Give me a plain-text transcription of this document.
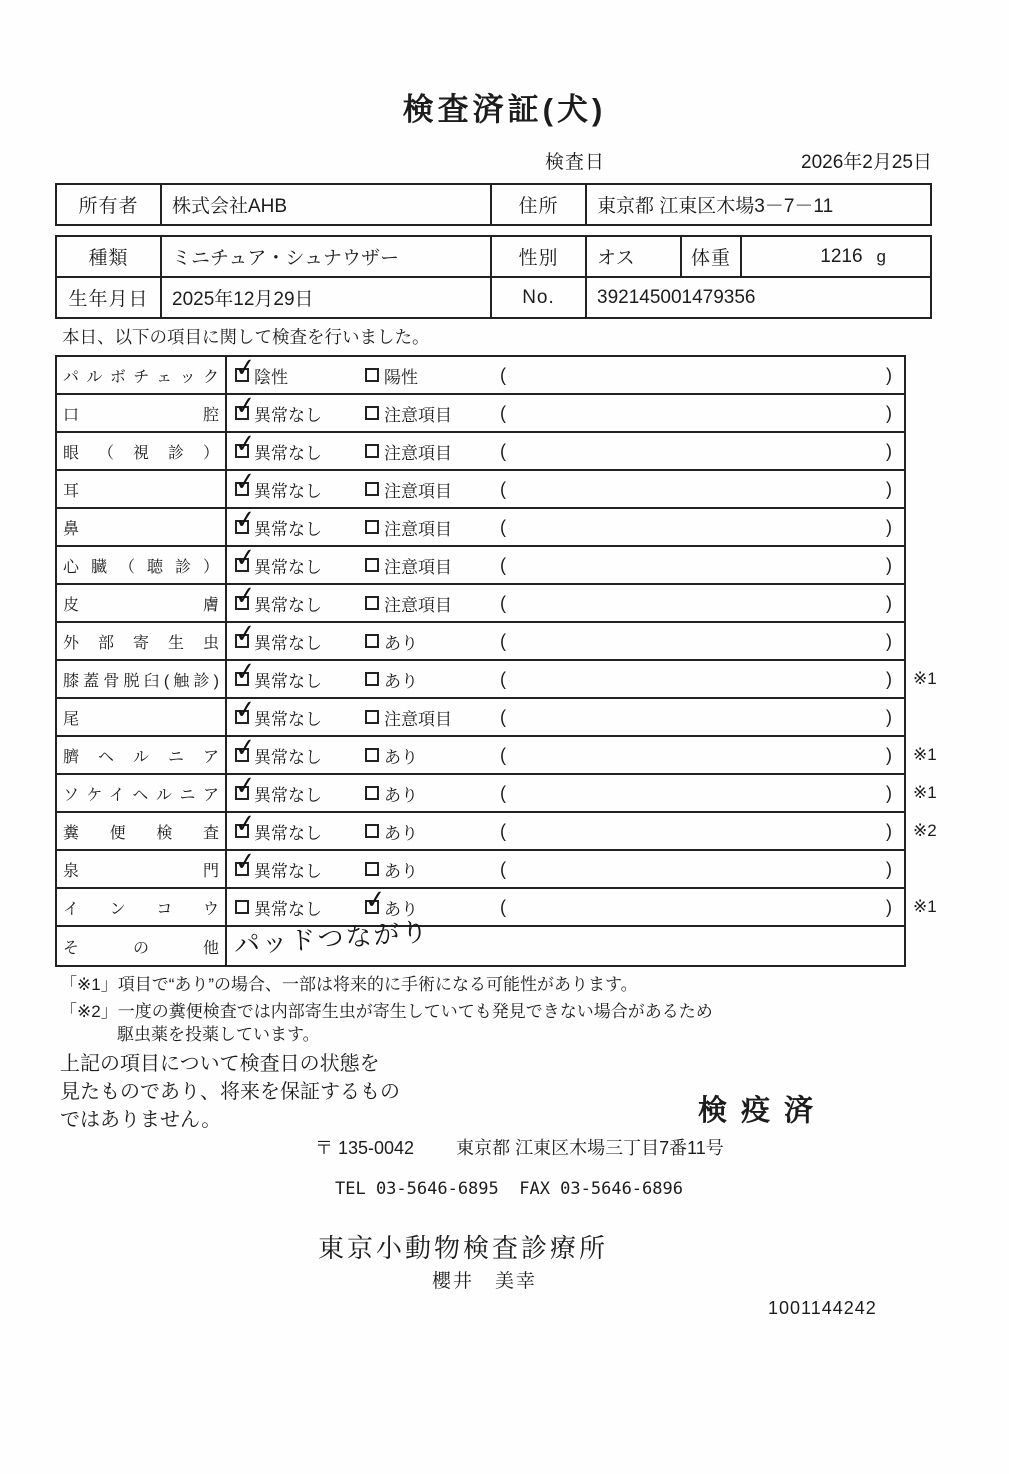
検査済証(犬)
検査日	2026年2月25日
所有者	株式会社AHB	住所	東京都 江東区木場3－7－11
種類	ミニチュア・シュナウザー	性別	オス	体重	1216 g
生年月日	2025年12月29日	No.	392145001479356		
本日、以下の項目に関して検査を行いました。
パルボチェック ✓ 陰性	陽性	(	)
口腔 ✓ 異常なし	注意項目	(	)
眼（視診） ✓ 異常なし	注意項目	(	)
耳 ✓	異常なし	注意項目	(	)
鼻 ✓	異常なし	注意項目	(	)
心臓（聴診） ✓ 異常なし	注意項目	(	)
皮膚 ✓ 異常なし	注意項目	(	)
外部寄生虫 ✓ 異常なし	あり	(	)
膝蓋骨脱臼(触診) ✓ 異常なし	あり	(	) ※1
尾 ✓	異常なし	注意項目	(	)
臍ヘルニア ✓ 異常なし	あり	(	) ※1
ソケイヘルニア ✓ 異常なし	あり	(	) ※1
糞便検査 ✓ 異常なし	あり	(	) ※2
泉門 ✓ 異常なし	あり	(	)
インコウ 異常なし ✓	あり	(	) ※1
その他 パッドつながり
「※1」項目で“あり”の場合、一部は将来的に手術になる可能性があります。
「※2」一度の糞便検査では内部寄生虫が寄生していても発見できない場合があるため
駆虫薬を投薬しています。
上記の項目について検査日の状態を
見たものであり、将来を保証するもの
ではありません。	検疫済
〒 135-0042 東京都 江東区木場三丁目7番11号
TEL 03-5646-6895  FAX 03-5646-6896
東京小動物検査診療所
櫻井　美幸
1001144242
